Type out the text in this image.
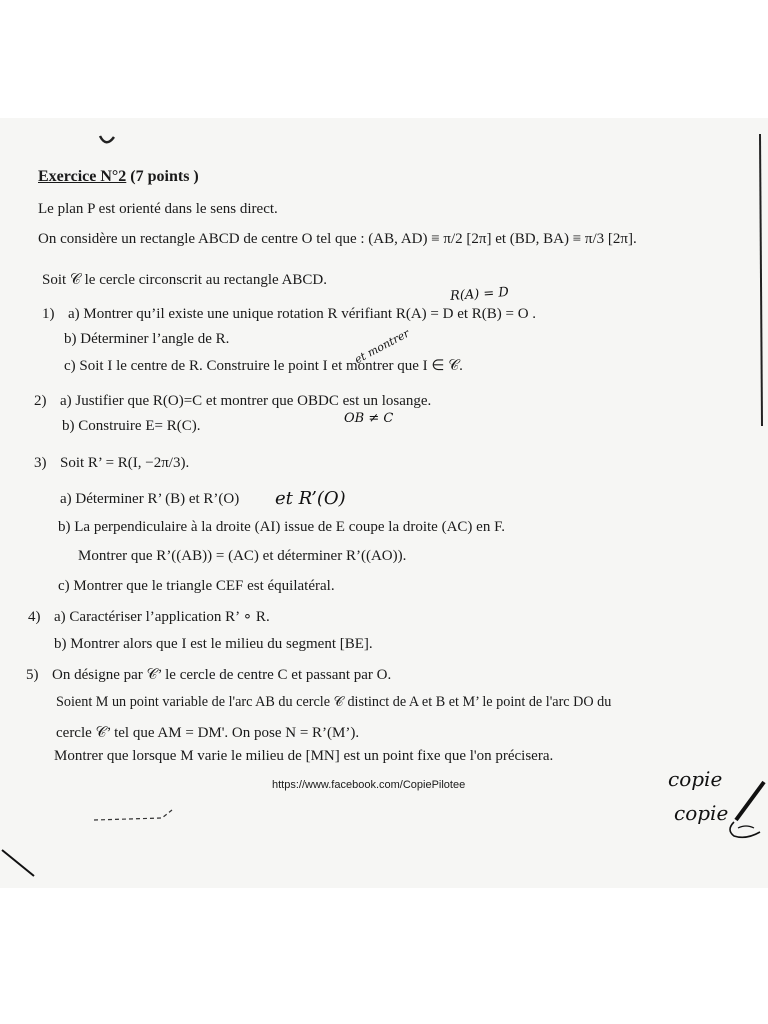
Exercice N°2 (7 points )
Le plan P est orienté dans le sens direct.
On considère un rectangle ABCD de centre O tel que : (AB, AD) ≡ π/2 [2π] et (BD, BA) ≡ π/3 [2π].
Soit 𝒞 le cercle circonscrit au rectangle ABCD.
1) a) Montrer qu’il existe une unique rotation R vérifiant R(A) = D et R(B) = O .
b) Déterminer l’angle de R.
c) Soit I le centre de R. Construire le point I et montrer que I ∈ 𝒞.
2) a) Justifier que R(O)=C et montrer que OBDC est un losange.
b) Construire E= R(C).
3) Soit R’ = R(I, −2π/3).
a) Déterminer R’ (B) et R’(O)
b) La perpendiculaire à la droite (AI) issue de E coupe la droite (AC) en F.
Montrer que R’((AB)) = (AC) et déterminer R’((AO)).
c) Montrer que le triangle CEF est équilatéral.
4) a) Caractériser l’application R’ ∘ R.
b) Montrer alors que I est le milieu du segment [BE].
5) On désigne par 𝒞’ le cercle de centre C et passant par O.
Soient M un point variable de l'arc AB du cercle 𝒞 distinct de A et B et M’ le point de l'arc DO du
cercle 𝒞’ tel que AM = DM'. On pose N = R’(M’).
Montrer que lorsque M varie le milieu de [MN] est un point fixe que l'on précisera.
https://www.facebook.com/CopiePilotee
R(A) = D
et montrer
OB ≠ C
et R’(O)
copie
copie
